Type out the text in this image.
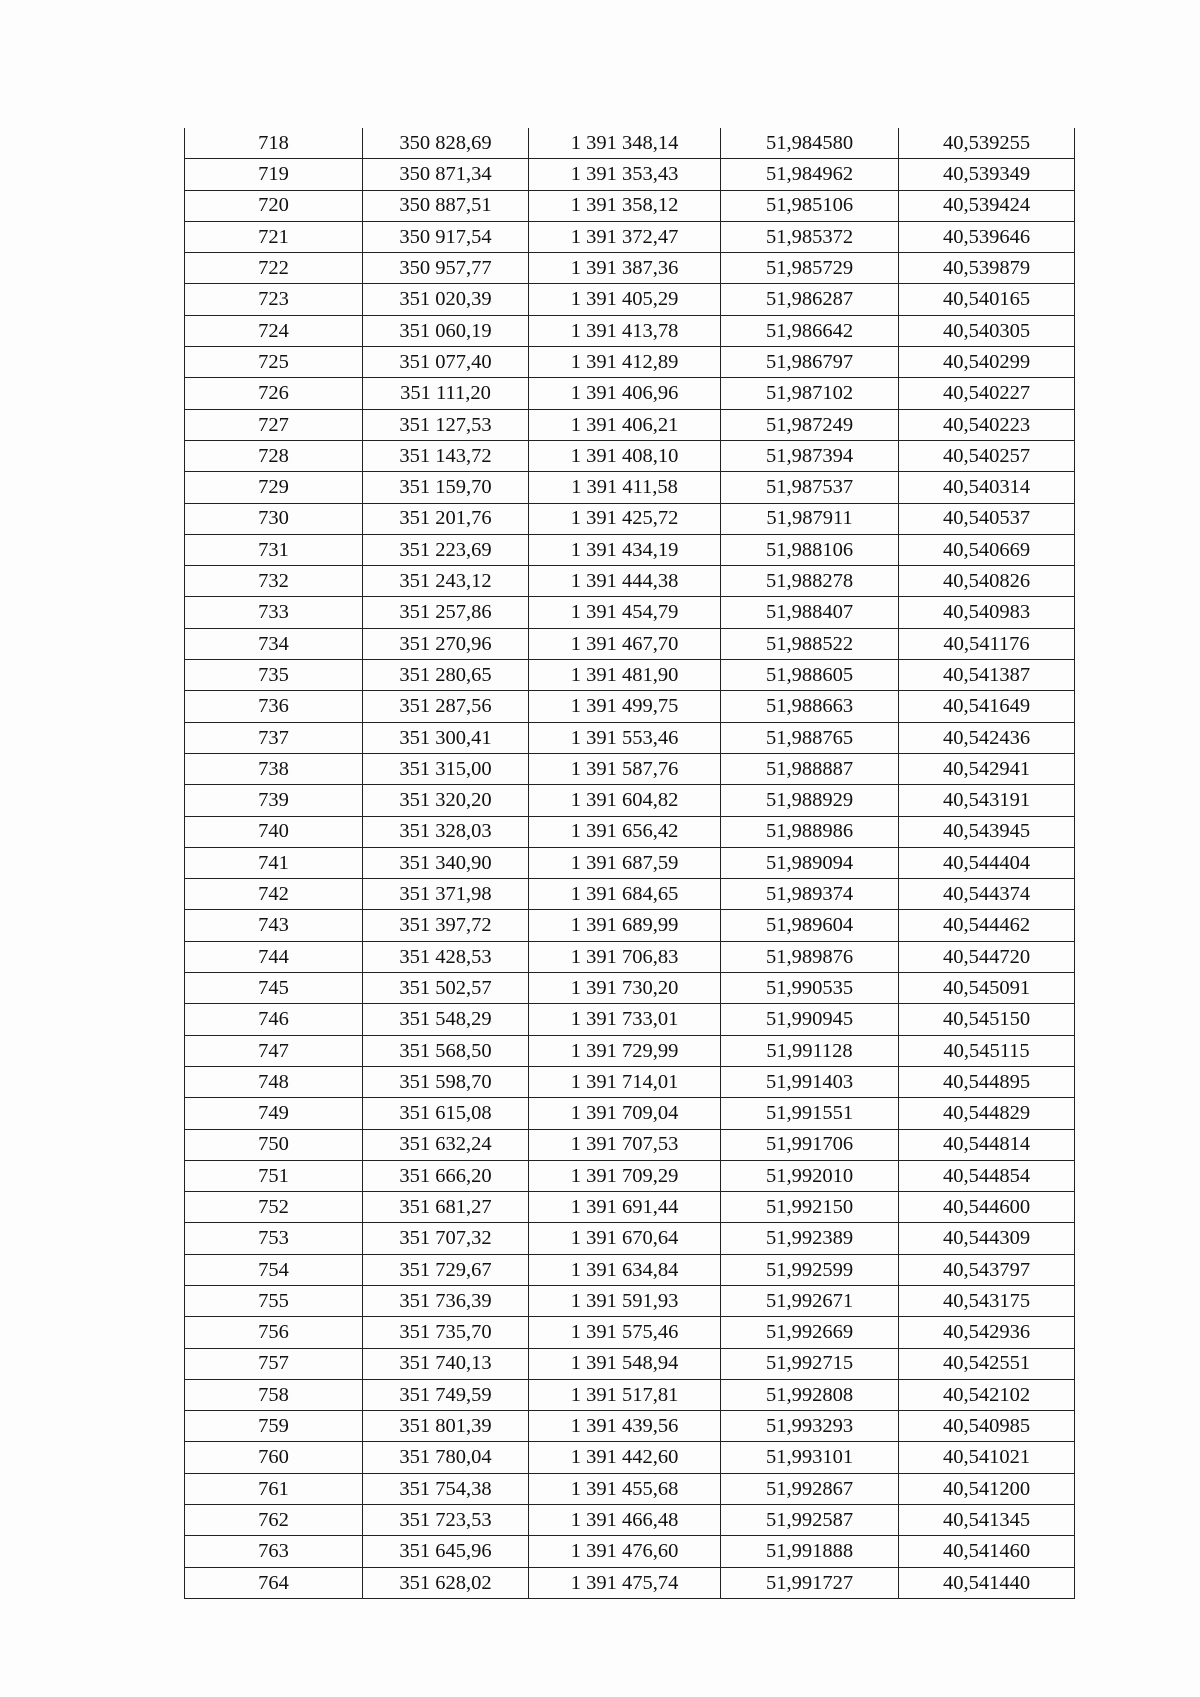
718	350 828,69	1 391 348,14	51,984580	40,539255
719	350 871,34	1 391 353,43	51,984962	40,539349
720	350 887,51	1 391 358,12	51,985106	40,539424
721	350 917,54	1 391 372,47	51,985372	40,539646
722	350 957,77	1 391 387,36	51,985729	40,539879
723	351 020,39	1 391 405,29	51,986287	40,540165
724	351 060,19	1 391 413,78	51,986642	40,540305
725	351 077,40	1 391 412,89	51,986797	40,540299
726	351 111,20	1 391 406,96	51,987102	40,540227
727	351 127,53	1 391 406,21	51,987249	40,540223
728	351 143,72	1 391 408,10	51,987394	40,540257
729	351 159,70	1 391 411,58	51,987537	40,540314
730	351 201,76	1 391 425,72	51,987911	40,540537
731	351 223,69	1 391 434,19	51,988106	40,540669
732	351 243,12	1 391 444,38	51,988278	40,540826
733	351 257,86	1 391 454,79	51,988407	40,540983
734	351 270,96	1 391 467,70	51,988522	40,541176
735	351 280,65	1 391 481,90	51,988605	40,541387
736	351 287,56	1 391 499,75	51,988663	40,541649
737	351 300,41	1 391 553,46	51,988765	40,542436
738	351 315,00	1 391 587,76	51,988887	40,542941
739	351 320,20	1 391 604,82	51,988929	40,543191
740	351 328,03	1 391 656,42	51,988986	40,543945
741	351 340,90	1 391 687,59	51,989094	40,544404
742	351 371,98	1 391 684,65	51,989374	40,544374
743	351 397,72	1 391 689,99	51,989604	40,544462
744	351 428,53	1 391 706,83	51,989876	40,544720
745	351 502,57	1 391 730,20	51,990535	40,545091
746	351 548,29	1 391 733,01	51,990945	40,545150
747	351 568,50	1 391 729,99	51,991128	40,545115
748	351 598,70	1 391 714,01	51,991403	40,544895
749	351 615,08	1 391 709,04	51,991551	40,544829
750	351 632,24	1 391 707,53	51,991706	40,544814
751	351 666,20	1 391 709,29	51,992010	40,544854
752	351 681,27	1 391 691,44	51,992150	40,544600
753	351 707,32	1 391 670,64	51,992389	40,544309
754	351 729,67	1 391 634,84	51,992599	40,543797
755	351 736,39	1 391 591,93	51,992671	40,543175
756	351 735,70	1 391 575,46	51,992669	40,542936
757	351 740,13	1 391 548,94	51,992715	40,542551
758	351 749,59	1 391 517,81	51,992808	40,542102
759	351 801,39	1 391 439,56	51,993293	40,540985
760	351 780,04	1 391 442,60	51,993101	40,541021
761	351 754,38	1 391 455,68	51,992867	40,541200
762	351 723,53	1 391 466,48	51,992587	40,541345
763	351 645,96	1 391 476,60	51,991888	40,541460
764	351 628,02	1 391 475,74	51,991727	40,541440
